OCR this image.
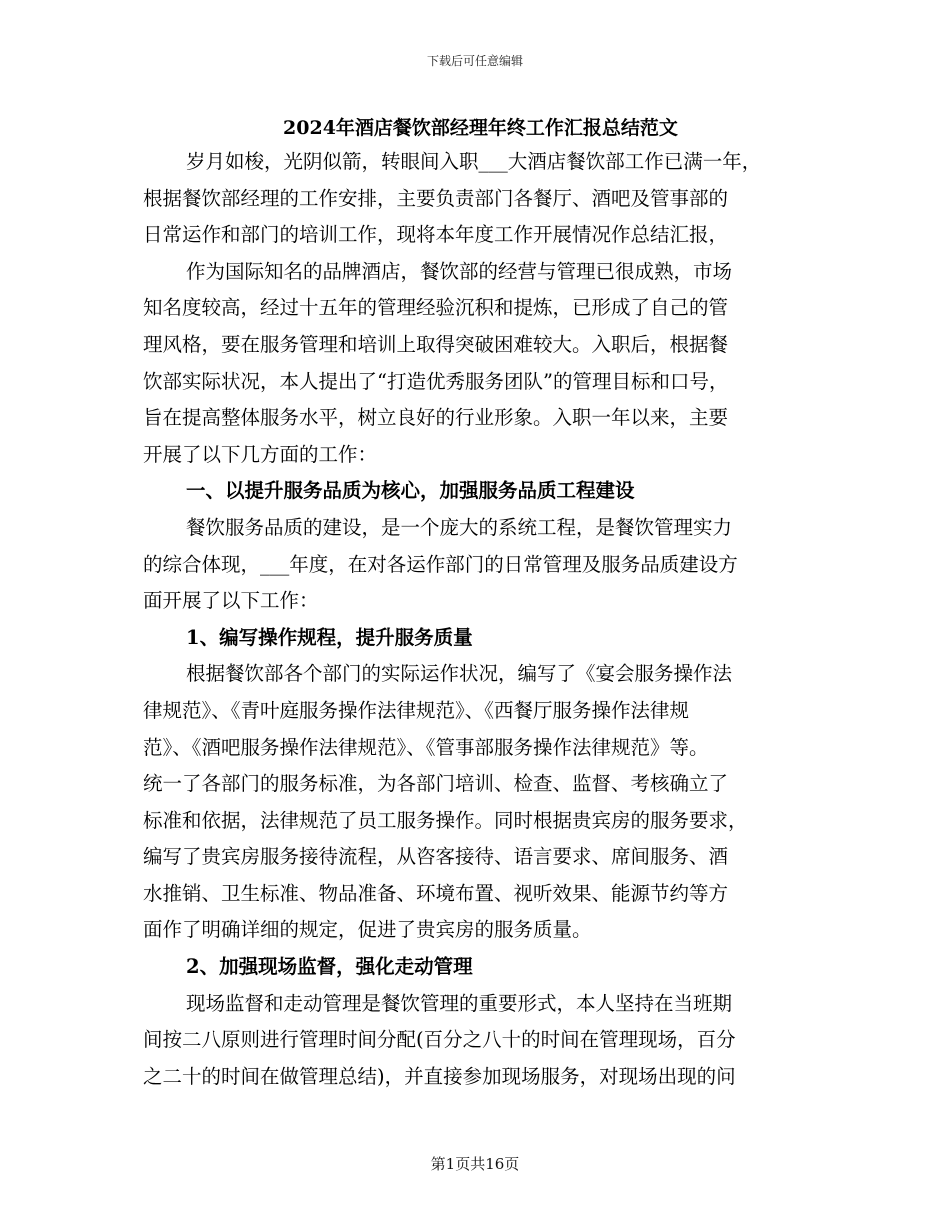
下载后可任意编辑
2024年酒店餐饮部经理年终工作汇报总结范文
岁月如梭，光阴似箭，转眼间入职___大酒店餐饮部工作已满一年，
根据餐饮部经理的工作安排，主要负责部门各餐厅、酒吧及管事部的
日常运作和部门的培训工作，现将本年度工作开展情况作总结汇报，
作为国际知名的品牌酒店，餐饮部的经营与管理已很成熟，市场
知名度较高，经过十五年的管理经验沉积和提炼，已形成了自己的管
理风格，要在服务管理和培训上取得突破困难较大。入职后，根据餐
饮部实际状况，本人提出了“打造优秀服务团队”的管理目标和口号，
旨在提高整体服务水平，树立良好的行业形象。入职一年以来，主要
开展了以下几方面的工作：
一、以提升服务品质为核心，加强服务品质工程建设
餐饮服务品质的建设，是一个庞大的系统工程，是餐饮管理实力
的综合体现，___年度，在对各运作部门的日常管理及服务品质建设方
面开展了以下工作：
1、编写操作规程，提升服务质量
根据餐饮部各个部门的实际运作状况，编写了《宴会服务操作法
律规范》、《青叶庭服务操作法律规范》、《西餐厅服务操作法律规
范》、《酒吧服务操作法律规范》、《管事部服务操作法律规范》等。
统一了各部门的服务标准，为各部门培训、检查、监督、考核确立了
标准和依据，法律规范了员工服务操作。同时根据贵宾房的服务要求，
编写了贵宾房服务接待流程，从咨客接待、语言要求、席间服务、酒
水推销、卫生标准、物品准备、环境布置、视听效果、能源节约等方
面作了明确详细的规定，促进了贵宾房的服务质量。
2、加强现场监督，强化走动管理
现场监督和走动管理是餐饮管理的重要形式，本人坚持在当班期
间按二八原则进行管理时间分配(百分之八十的时间在管理现场，百分
之二十的时间在做管理总结)，并直接参加现场服务，对现场出现的问
第1页共16页
